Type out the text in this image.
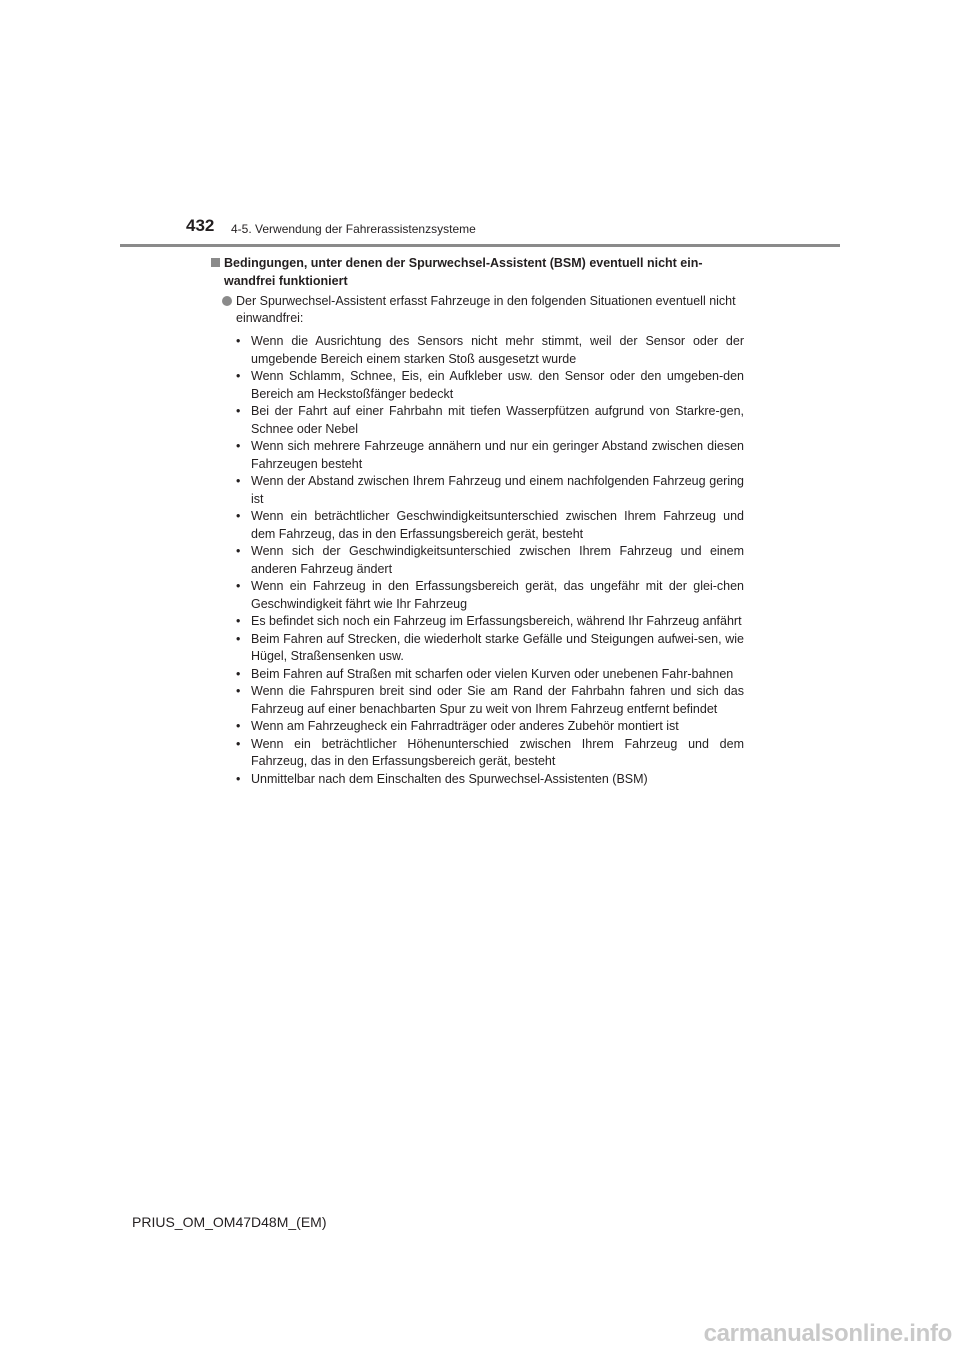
432 4-5. Verwendung der Fahrerassistenzsysteme
Bedingungen, unter denen der Spurwechsel-Assistent (BSM) eventuell nicht ein-wandfrei funktioniert
Der Spurwechsel-Assistent erfasst Fahrzeuge in den folgenden Situationen eventuell nicht einwandfrei:
• Wenn die Ausrichtung des Sensors nicht mehr stimmt, weil der Sensor oder der umgebende Bereich einem starken Stoß ausgesetzt wurde
• Wenn Schlamm, Schnee, Eis, ein Aufkleber usw. den Sensor oder den umgeben-den Bereich am Heckstoßfänger bedeckt
• Bei der Fahrt auf einer Fahrbahn mit tiefen Wasserpfützen aufgrund von Starkre-gen, Schnee oder Nebel
• Wenn sich mehrere Fahrzeuge annähern und nur ein geringer Abstand zwischen diesen Fahrzeugen besteht
• Wenn der Abstand zwischen Ihrem Fahrzeug und einem nachfolgenden Fahrzeug gering ist
• Wenn ein beträchtlicher Geschwindigkeitsunterschied zwischen Ihrem Fahrzeug und dem Fahrzeug, das in den Erfassungsbereich gerät, besteht
• Wenn sich der Geschwindigkeitsunterschied zwischen Ihrem Fahrzeug und einem anderen Fahrzeug ändert
• Wenn ein Fahrzeug in den Erfassungsbereich gerät, das ungefähr mit der glei-chen Geschwindigkeit fährt wie Ihr Fahrzeug
• Es befindet sich noch ein Fahrzeug im Erfassungsbereich, während Ihr Fahrzeug anfährt
• Beim Fahren auf Strecken, die wiederholt starke Gefälle und Steigungen aufwei-sen, wie Hügel, Straßensenken usw.
• Beim Fahren auf Straßen mit scharfen oder vielen Kurven oder unebenen Fahr-bahnen
• Wenn die Fahrspuren breit sind oder Sie am Rand der Fahrbahn fahren und sich das Fahrzeug auf einer benachbarten Spur zu weit von Ihrem Fahrzeug entfernt befindet
• Wenn am Fahrzeugheck ein Fahrradträger oder anderes Zubehör montiert ist
• Wenn ein beträchtlicher Höhenunterschied zwischen Ihrem Fahrzeug und dem Fahrzeug, das in den Erfassungsbereich gerät, besteht
• Unmittelbar nach dem Einschalten des Spurwechsel-Assistenten (BSM)
PRIUS_OM_OM47D48M_(EM)
carmanualsonline.info
